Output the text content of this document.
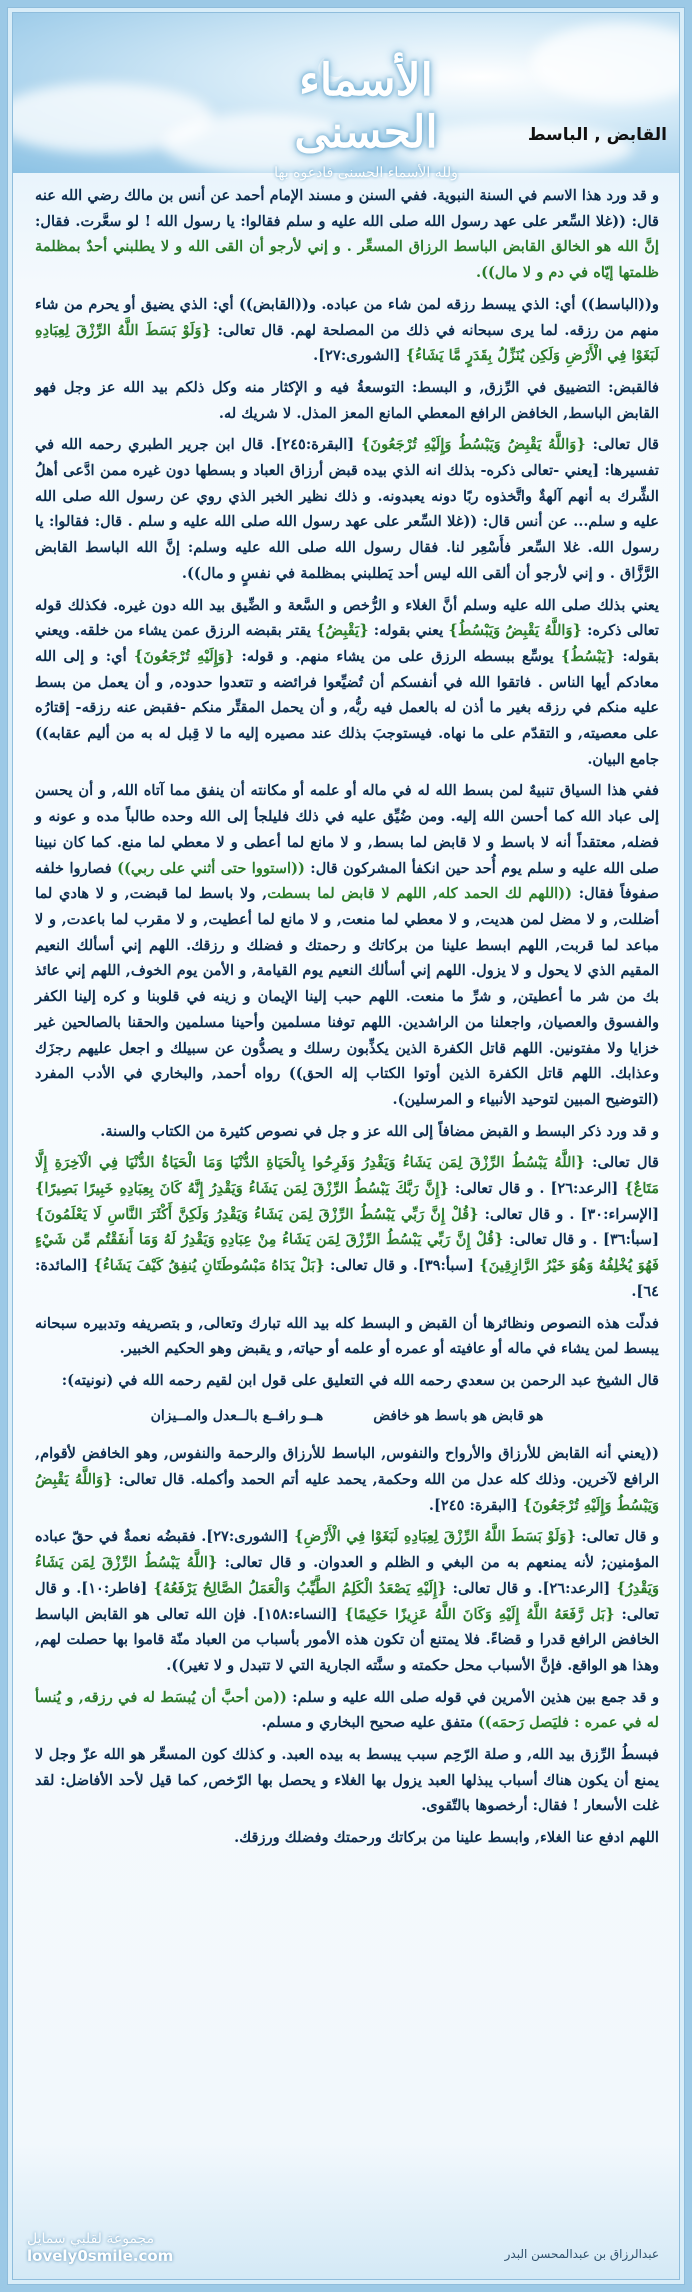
الأسماء الحسنى
ولله الأسماء الحسنى فادعوه بها
القابض , الباسط

و قد ورد هذا الاسم في السنة النبوية. ففي السنن و مسند الإمام أحمد عن أنس بن مالك رضي الله عنه قال: ((غلا السِّعر على عهد رسول الله صلى الله عليه و سلم فقالوا: يا رسول الله ! لو سعَّرت. فقال: إنَّ الله هو الخالق القابض الباسط الرزاق المسعِّر . و إني لأرجو أن القى الله و لا يطلبني أحدٌ بمظلمة ظلمتها إيّاه في دم و لا مال)).

و((الباسط)) أي: الذي يبسط رزقه لمن شاء من عباده. و((القابض)) أي: الذي يضيق أو يحرم من شاء منهم من رزقه. لما يرى سبحانه في ذلك من المصلحة لهم. قال تعالى: {وَلَوْ بَسَطَ اللَّهُ الرِّزْقَ لِعِبَادِهِ لَبَغَوْا فِي الْأَرْضِ وَلَكِن يُنَزِّلُ بِقَدَرٍ مَّا يَشَاءُ} [الشورى:٢٧].

فالقبض: التضييق في الرِّزق, و البسط: التوسعةُ فيه و الإكثار منه وكل ذلكم بيد الله عز وجل فهو القابض الباسط, الخافض الرافع المعطي المانع المعز المذل. لا شريك له.

قال تعالى: {وَاللَّهُ يَقْبِضُ وَيَبْسُطُ وَإِلَيْهِ تُرْجَعُونَ} [البقرة:٢٤٥]. قال ابن جرير الطبري رحمه الله في تفسيرها: [يعني -تعالى ذكره- بذلك انه الذي بيده قبض أرزاق العباد و بسطها دون غيره ممن ادَّعى أهلُ الشِّرك به أنهم آلهةٌ واتَّخذوه ربًا دونه يعبدونه. و ذلك نظير الخبر الذي روي عن رسول الله صلى الله عليه و سلم... عن أنس قال: ((غلا السِّعر على عهد رسول الله صلى الله عليه و سلم . قال: فقالوا: يا رسول الله. غلا السِّعر فأَسْعِر لنا. فقال رسول الله صلى الله عليه وسلم: إنَّ الله الباسط القابض الرَّزَّاق . و إني لأرجو أن ألقى الله ليس أحد يَطلبني بمظلمة في نفسٍ و مال)).

يعني بذلك صلى الله عليه وسلم أنَّ الغلاء و الرُّخص و السَّعة و الضِّيق بيد الله دون غيره. فكذلك قوله تعالى ذكره: {وَاللَّهُ يَقْبِضُ وَيَبْسُطُ} يعني بقوله: {يَقْبِضُ} يقتر بقبضه الرزق عمن يشاء من خلقه. ويعني بقوله: {يَبْسُطُ} يوسِّع ببسطه الرزق على من يشاء منهم. و قوله: {وَإِلَيْهِ تُرْجَعُونَ} أي: و إلى الله معادكم أيها الناس . فاتقوا الله في أنفسكم أن تُضيِّعوا فرائضه و تتعدوا حدوده, و أن يعمل من بسط عليه منكم في رزقه بغير ما أذن له بالعمل فيه ربُّه, و أن يحمل المقتِّر منكم -فقبض عنه رزقه- إقتارُه على معصيته, و التقدّم على ما نهاه. فيستوجبَ بذلك عند مصيره إليه ما لا قِبل له به من أليم عقابه)) جامع البيان.

ففي هذا السياق تنبيهٌ لمن بسط الله له في ماله أو علمه أو مكانته أن ينفق مما آتاه الله, و أن يحسن إلى عباد الله كما أحسن الله إليه. ومن ضُيِّق عليه في ذلك فليلجأ إلى الله وحده طالباً مده و عونه و فضله, معتقداً أنه لا باسط و لا قابض لما بسط, و لا مانع لما أعطى و لا معطي لما منع. كما كان نبينا صلى الله عليه و سلم يوم أُحد حين انكفأ المشركون قال: ((استووا حتى أثني على ربي)) فصاروا خلفه صفوفاً فقال: ((اللهم لك الحمد كله, اللهم لا قابض لما بسطت, ولا باسط لما قبضت, و لا هادي لما أضللت, و لا مضل لمن هديت, و لا معطي لما منعت, و لا مانع لما أعطيت, و لا مقرب لما باعدت, و لا مباعد لما قربت, اللهم ابسط علينا من بركاتك و رحمتك و فضلك و رزقك. اللهم إني أسألك النعيم المقيم الذي لا يحول و لا يزول. اللهم إني أسألك النعيم يوم القيامة, و الأمن يوم الخوف, اللهم إني عائذ بك من شر ما أعطيتن, و شرِّ ما منعت. اللهم حبب إلينا الإيمان و زينه في قلوبنا و كره إلينا الكفر والفسوق والعصيان, واجعلنا من الراشدين. اللهم توفنا مسلمين وأحينا مسلمين والحقنا بالصالحين غير خزايا ولا مفتونين. اللهم قاتل الكفرة الذين يكذِّبون رسلك و يصدُّون عن سبيلك و اجعل عليهم رجزَك وعذابك. اللهم قاتل الكفرة الذين أوتوا الكتاب إله الحق)) رواه أحمد, والبخاري في الأدب المفرد (التوضيح المبين لتوحيد الأنبياء و المرسلين).

و قد ورد ذكر البسط و القبض مضافاً إلى الله عز و جل في نصوص كثيرة من الكتاب والسنة.

قال تعالى: {اللَّهُ يَبْسُطُ الرِّزْقَ لِمَن يَشَاءُ وَيَقْدِرُ وَفَرِحُوا بِالْحَيَاةِ الدُّنْيَا وَمَا الْحَيَاةُ الدُّنْيَا فِي الْآخِرَةِ إِلَّا مَتَاعٌ} [الرعد:٢٦] . و قال تعالى: {إِنَّ رَبَّكَ يَبْسُطُ الرِّزْقَ لِمَن يَشَاءُ وَيَقْدِرُ إِنَّهُ كَانَ بِعِبَادِهِ خَبِيرًا بَصِيرًا} [الإسراء:٣٠] . و قال تعالى: {قُلْ إِنَّ رَبِّي يَبْسُطُ الرِّزْقَ لِمَن يَشَاءُ وَيَقْدِرُ وَلَكِنَّ أَكْثَرَ النَّاسِ لَا يَعْلَمُونَ} [سبأ:٣٦] . و قال تعالى: {قُلْ إِنَّ رَبِّي يَبْسُطُ الرِّزْقَ لِمَن يَشَاءُ مِنْ عِبَادِهِ وَيَقْدِرُ لَهُ وَمَا أَنفَقْتُم مِّن شَيْءٍ فَهُوَ يُخْلِفُهُ وَهُوَ خَيْرُ الرَّازِقِينَ} [سبأ:٣٩]. و قال تعالى: {بَلْ يَدَاهُ مَبْسُوطَتَانِ يُنفِقُ كَيْفَ يَشَاءُ} [المائدة: ٦٤].

فدلّت هذه النصوص ونظائرها أن القبض و البسط كله بيد الله تبارك وتعالى, و بتصريفه وتدبيره سبحانه يبسط لمن يشاء في ماله أو عافيته أو عمره أو علمه أو حياته, و يقبض وهو الحكيم الخبير.

قال الشيخ عبد الرحمن بن سعدي رحمه الله في التعليق على قول ابن لقيم رحمه الله في (نونيته):

هو قابض هو باسط هو خافض
هــو رافــع بالــعدل والمــيزان

((يعني أنه القابض للأرزاق والأرواح والنفوس, الباسط للأرزاق والرحمة والنفوس, وهو الخافض لأقوام, الرافع لآخرين. وذلك كله عدل من الله وحكمة, يحمد عليه أتم الحمد وأكمله. قال تعالى: {وَاللَّهُ يَقْبِضُ وَيَبْسُطُ وَإِلَيْهِ تُرْجَعُونَ} [البقرة: ٢٤٥].

و قال تعالى: {وَلَوْ بَسَطَ اللَّهُ الرِّزْقَ لِعِبَادِهِ لَبَغَوْا فِي الْأَرْضِ} [الشورى:٢٧]. فقبضُه نعمةٌ في حقّ عباده المؤمنين; لأنه يمنعهم به من البغي و الظلم و العدوان. و قال تعالى: {اللَّهُ يَبْسُطُ الرِّزْقَ لِمَن يَشَاءُ وَيَقْدِرُ} [الرعد:٢٦]. و قال تعالى: {إِلَيْهِ يَصْعَدُ الْكَلِمُ الطَّيِّبُ وَالْعَمَلُ الصَّالِحُ يَرْفَعُهُ} [فاطر:١٠]. و قال تعالى: {بَل رَّفَعَهُ اللَّهُ إِلَيْهِ وَكَانَ اللَّهُ عَزِيزًا حَكِيمًا} [النساء:١٥٨]. فإن الله تعالى هو القابض الباسط الخافض الرافع قدرا و قضاءً. فلا يمتنع أن تكون هذه الأمور بأسباب من العباد منّة قاموا بها حصلت لهم, وهذا هو الواقع. فإنَّ الأسباب محل حكمته و سنَّته الجارية التي لا تتبدل و لا تغير)).

و قد جمع بين هذين الأمرين في قوله صلى الله عليه و سلم: ((من أحبَّ أن يُبسَط له في رزقه, و يُنسأ له في عمره : فليَصل رَحمَه)) متفق عليه صحيح البخاري و مسلم.

فبسطُ الرِّزق بيد الله, و صلة الرّحِم سبب يبسط به بيده العبد. و كذلك كون المسعِّر هو الله عزّ وجل لا يمنع أن يكون هناك أسباب يبذلها العبد يزول بها الغلاء و يحصل بها الرّخص, كما قيل لأحد الأفاضل: لقد غلت الأسعار ! فقال: أرخصوها بالتّقوى.

اللهم ادفع عنا الغلاء, وابسط علينا من بركاتك ورحمتك وفضلك ورزقك.

مجموعة لقلبي سمايل
lovely0smile.com	عبدالرزاق بن عبدالمحسن البدر
